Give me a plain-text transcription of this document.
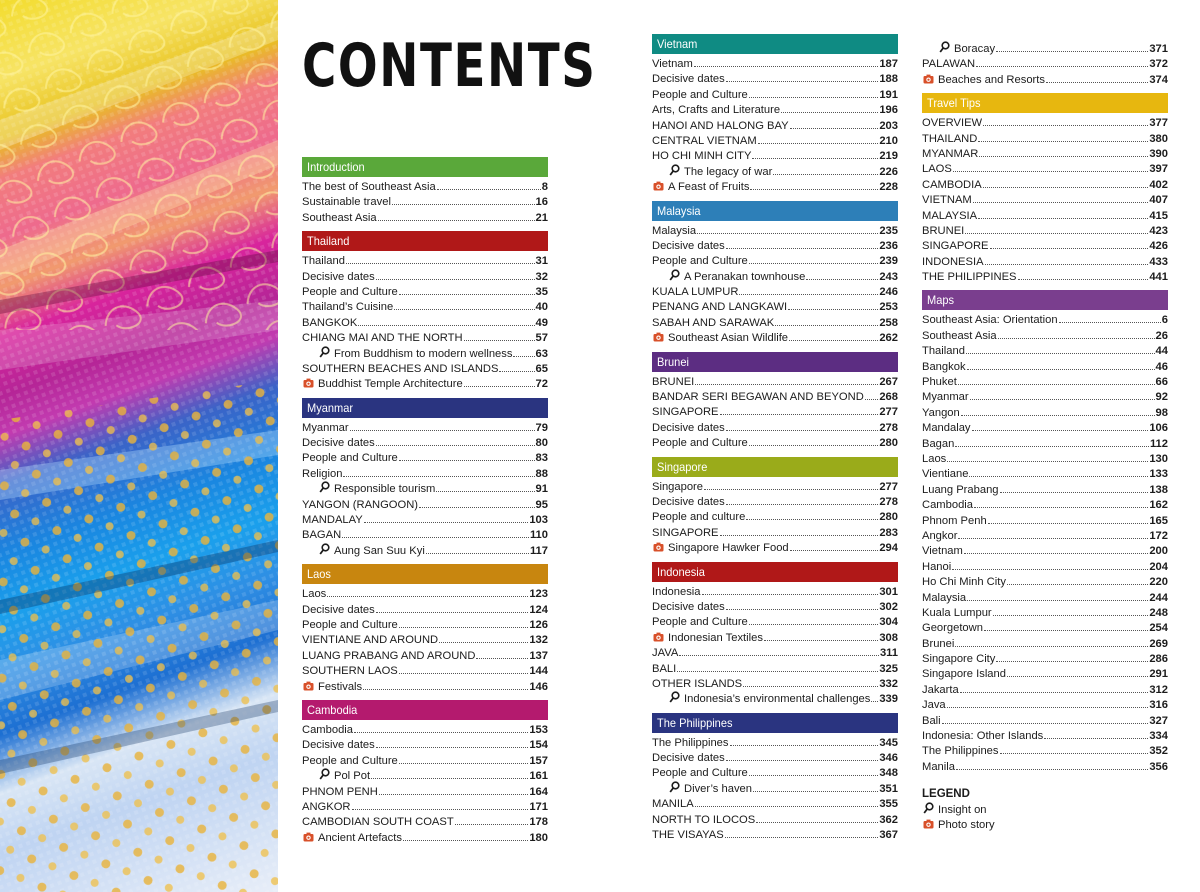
CONTENTS
Introduction
The best of Southeast Asia	8
Sustainable travel	16
Southeast Asia	21
Thailand
Thailand	31
Decisive dates	32
People and Culture	35
Thailand’s Cuisine	40
BANGKOK	49
CHIANG MAI AND THE NORTH	57
From Buddhism to modern wellness 63
SOUTHERN BEACHES AND ISLANDS	65
Buddhist Temple Architecture	72
Myanmar
Myanmar	79
Decisive dates	80
People and Culture	83
Religion	88
Responsible tourism	91
YANGON (RANGOON)	95
MANDALAY	103
BAGAN	110
Aung San Suu Kyi	117
Laos
Laos	123
Decisive dates	124
People and Culture	126
VIENTIANE AND AROUND	132
LUANG PRABANG AND AROUND	137
SOUTHERN LAOS	144
Festivals	146
Cambodia
Cambodia	153
Decisive dates	154
People and Culture	157
Pol Pot	161
PHNOM PENH	164
ANGKOR	171
CAMBODIAN SOUTH COAST	178
Ancient Artefacts	180
Vietnam
Vietnam	187
Decisive dates	188
People and Culture	191
Arts, Crafts and Literature	196
HANOI AND HALONG BAY	203
CENTRAL VIETNAM	210
HO CHI MINH CITY	219
The legacy of war	226
A Feast of Fruits	228
Malaysia
Malaysia	235
Decisive dates	236
People and Culture	239
A Peranakan townhouse	243
KUALA LUMPUR	246
PENANG AND LANGKAWI	253
SABAH AND SARAWAK	258
Southeast Asian Wildlife	262
Brunei
BRUNEI	267
BANDAR SERI BEGAWAN AND BEYOND 268
SINGAPORE	277
Decisive dates	278
People and Culture	280
Singapore
Singapore	277
Decisive dates	278
People and culture	280
SINGAPORE	283
Singapore Hawker Food	294
Indonesia
Indonesia	301
Decisive dates	302
People and Culture	304
Indonesian Textiles	308
JAVA	311
BALI	325
OTHER ISLANDS	332
Indonesia’s environmental challenges 339
The Philippines
The Philippines	345
Decisive dates	346
People and Culture	348
Diver’s haven	351
MANILA	355
NORTH TO ILOCOS	362
THE VISAYAS	367
Boracay	371
PALAWAN	372
Beaches and Resorts	374
Travel Tips
OVERVIEW	377
THAILAND	380
MYANMAR	390
LAOS	397
CAMBODIA	402
VIETNAM	407
MALAYSIA	415
BRUNEI	423
SINGAPORE	426
INDONESIA	433
THE PHILIPPINES	441
Maps
Southeast Asia: Orientation	6
Southeast Asia	26
Thailand	44
Bangkok	46
Phuket	66
Myanmar	92
Yangon	98
Mandalay	106
Bagan	112
Laos	130
Vientiane	133
Luang Prabang	138
Cambodia	162
Phnom Penh	165
Angkor	172
Vietnam	200
Hanoi	204
Ho Chi Minh City	220
Malaysia	244
Kuala Lumpur	248
Georgetown	254
Brunei	269
Singapore City	286
Singapore Island	291
Jakarta	312
Java	316
Bali	327
Indonesia: Other Islands	334
The Philippines	352
Manila	356
LEGEND
Insight on
Photo story
